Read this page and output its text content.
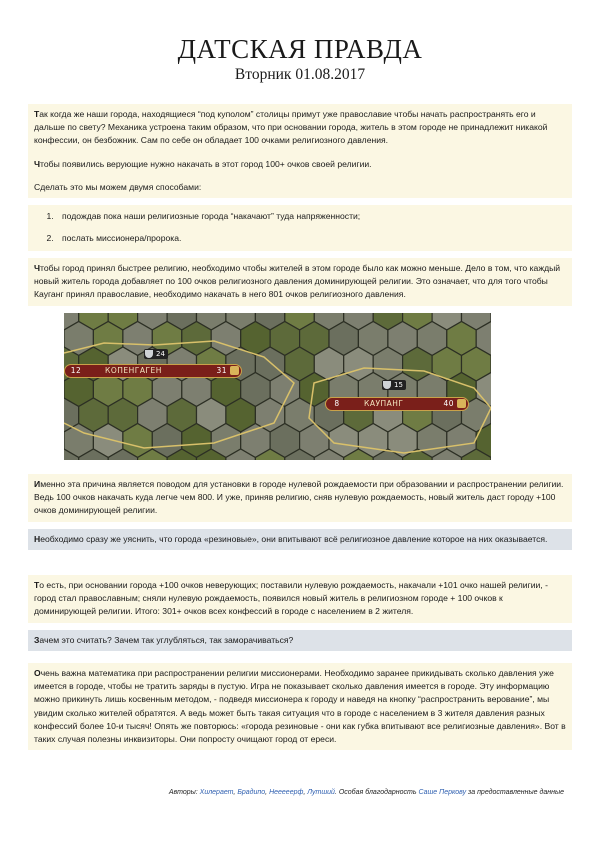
ДАТСКАЯ ПРАВДА
Вторник 01.08.2017

Так когда же наши города, находящиеся “под куполом” столицы примут уже православие чтобы начать распространять его и дальше по свету? Механика устроена таким образом, что при основании города, житель в этом городе не принадлежит никакой конфессии, он безбожник. Сам по себе он обладает 100 очками религиозного давления.

Чтобы появились верующие нужно накачать в этот город 100+ очков своей религии.

Сделать это мы можем двумя способами:

1. подождав пока наши религиозные города “накачают” туда напряженности;
2. послать миссионера/пророка.

Чтобы город принял быстрее религию, необходимо чтобы жителей в этом городе было как можно меньше. Дело в том, что каждый новый житель города добавляет по 100 очков религиозного давления доминирующей религии. Это означает, что для того чтобы Кауганг принял православие, необходимо накачать в него 801 очков религиозного давления.

24
12	КОПЕНГАГЕН	31
15
8	КАУПАНГ	40

Именно эта причина является поводом для установки в городе нулевой рождаемости при образовании и распространении религии. Ведь 100 очков накачать куда легче чем 800. И уже, приняв религию, сняв нулевую рождаемость, новый житель даст городу +100 очков доминирующей религии.

Необходимо сразу же уяснить, что города «резиновые», они впитывают всё религиозное давление которое на них оказывается.

То есть, при основании города +100 очков неверующих; поставили нулевую рождаемость, накачали +101 очко нашей религии, - город стал православным; сняли нулевую рождаемость, появился новый житель в религиозном городе + 100 очков к доминирующей религии. Итого: 301+ очков всех конфессий в городе с населением в 2 жителя.

Зачем это считать? Зачем так углубляться, так заморачиваться?

Очень важна математика при распространении религии миссионерами. Необходимо заранее прикидывать сколько давления уже имеется в городе, чтобы не тратить заряды в пустую. Игра не показывает сколько давления имеется в городе. Эту информацию можно прикинуть лишь косвенным методом, - подведя миссионера к городу и наведя на кнопку “распространить верование”, мы увидим сколько жителей обратятся. А ведь может быть такая ситуация что в городе с населением в 3 жителя давления разных конфессий более 10-и тысяч! Опять же повторюсь: «города резиновые - они как губка впитывают все религиозные давления». Вот в таких случая полезны инквизиторы. Они попросту очищают город от ереси.

Авторы: Хилерает, Брадипо, Нееееерф, Лутший. Особая благодарность Саше Перкову за предоставленные данные
